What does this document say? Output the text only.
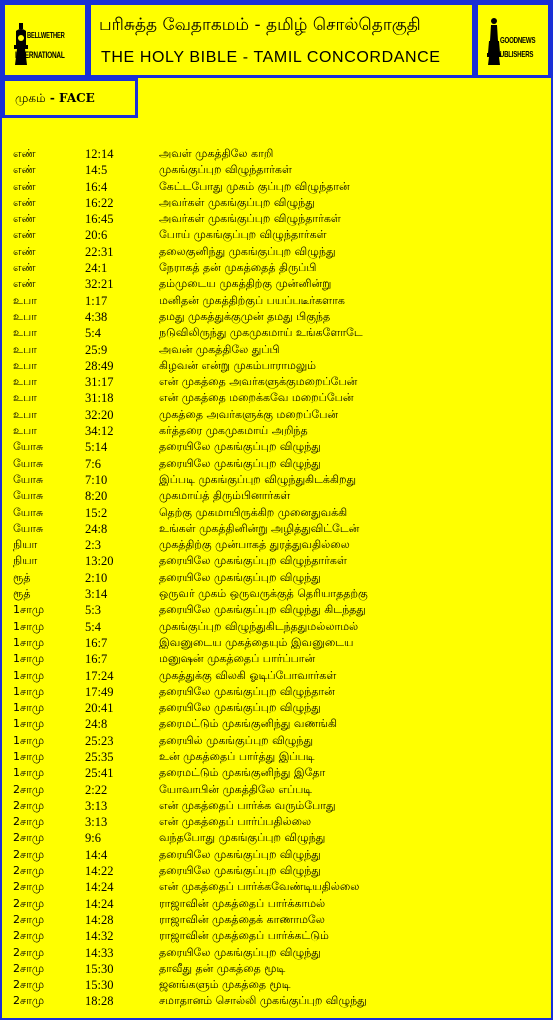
BELLWETHER
INTERNATIONAL
பரிசுத்த வேதாகமம் - தமிழ் சொல்தொகுதி
THE HOLY BIBLE - TAMIL CONCORDANCE
GOODNEWS
PUBLISHERS
முகம் - FACE
எண்	12:14	அவள் முகத்திலே காறி
எண்	14:5	முகங்குப்புற விழுந்தார்கள்
எண்	16:4	கேட்டபோது முகம் குப்புற விழுந்தான்
எண்	16:22	அவர்கள் முகங்குப்புற விழுந்து
எண்	16:45	அவர்கள் முகங்குப்புற விழுந்தார்கள்
எண்	20:6	போய் முகங்குப்புற விழுந்தார்கள்
எண்	22:31	தலைகுனிந்து முகங்குப்புற விழுந்து
எண்	24:1	நேராகத் தன் முகத்தைத் திருப்பி
எண்	32:21	தம்முடைய முகத்திற்கு முன்னின்று
உபா	1:17	மனிதன் முகத்திற்குப் பயப்படீர்களாக
உபா	4:38	தமது முகத்துக்குமுன் தமது பிகுந்த
உபா	5:4	நடுவிலிருந்து முகமுகமாய் உங்களோடே
உபா	25:9	அவன் முகத்திலே துப்பி
உபா	28:49	கிழவன் என்று முகம்பாராமலும்
உபா	31:17	என் முகத்தை அவர்களுக்குமறைப்பேன்
உபா	31:18	என் முகத்தை மறைக்கவே மறைப்பேன்
உபா	32:20	முகத்தை அவர்களுக்கு மறைப்பேன்
உபா	34:12	கர்த்தரை முகமுகமாய் அறிந்த
யோசு	5:14	தரையிலே முகங்குப்புற விழுந்து
யோசு	7:6	தரையிலே முகங்குப்புற விழுந்து
யோசு	7:10	இப்படி முகங்குப்புற விழுந்துகிடக்கிறது
யோசு	8:20	முகமாய்த் திரும்பினார்கள்
யோசு	15:2	தெற்கு முகமாயிருக்கிற முனைதுவக்கி
யோசு	24:8	உங்கள் முகத்தினின்று அழித்துவிட்டேன்
நியா	2:3	முகத்திற்கு முன்பாகத் துரத்துவதில்லை
நியா	13:20	தரையிலே முகங்குப்புற விழுந்தார்கள்
ரூத்	2:10	தரையிலே முகங்குப்புற விழுந்து
ரூத்	3:14	ஒருவர் முகம் ஒருவருக்குத் தெரியாததற்கு
1சாமு	5:3	தரையிலே முகங்குப்புற விழுந்து கிடந்தது
1சாமு	5:4	முகங்குப்புற விழுந்துகிடந்ததுமல்லாமல்
1சாமு	16:7	இவனுடைய முகத்தையும் இவனுடைய
1சாமு	16:7	மனுஷன் முகத்தைப் பார்ப்பான்
1சாமு	17:24	முகத்துக்கு விலகி ஓடிப்போவார்கள்
1சாமு	17:49	தரையிலே முகங்குப்புற விழுந்தான்
1சாமு	20:41	தரையிலே முகங்குப்புற விழுந்து
1சாமு	24:8	தரைமட்டும் முகங்குனிந்து வணங்கி
1சாமு	25:23	தரையில் முகங்குப்புற விழுந்து
1சாமு	25:35	உன் முகத்தைப் பார்த்து இப்படி
1சாமு	25:41	தரைமட்டும் முகங்குனிந்து இதோ
2சாமு	2:22	யோவாபின் முகத்திலே எப்படி
2சாமு	3:13	என் முகத்தைப் பார்க்க வரும்போது
2சாமு	3:13	என் முகத்தைப் பார்ப்பதில்லை
2சாமு	9:6	வந்தபோது முகங்குப்புற விழுந்து
2சாமு	14:4	தரையிலே முகங்குப்புற விழுந்து
2சாமு	14:22	தரையிலே முகங்குப்புற விழுந்து
2சாமு	14:24	என் முகத்தைப் பார்க்கவேண்டியதில்லை
2சாமு	14:24	ராஜாவின் முகத்தைப் பார்க்காமல்
2சாமு	14:28	ராஜாவின் முகத்தைக் காணாமலே
2சாமு	14:32	ராஜாவின் முகத்தைப் பார்க்கட்டும்
2சாமு	14:33	தரையிலே முகங்குப்புற விழுந்து
2சாமு	15:30	தாவீது தன் முகத்தை மூடி
2சாமு	15:30	ஜனங்களும் முகத்தை மூடி
2சாமு	18:28	சமாதானம் சொல்லி முகங்குப்புற விழுந்து
